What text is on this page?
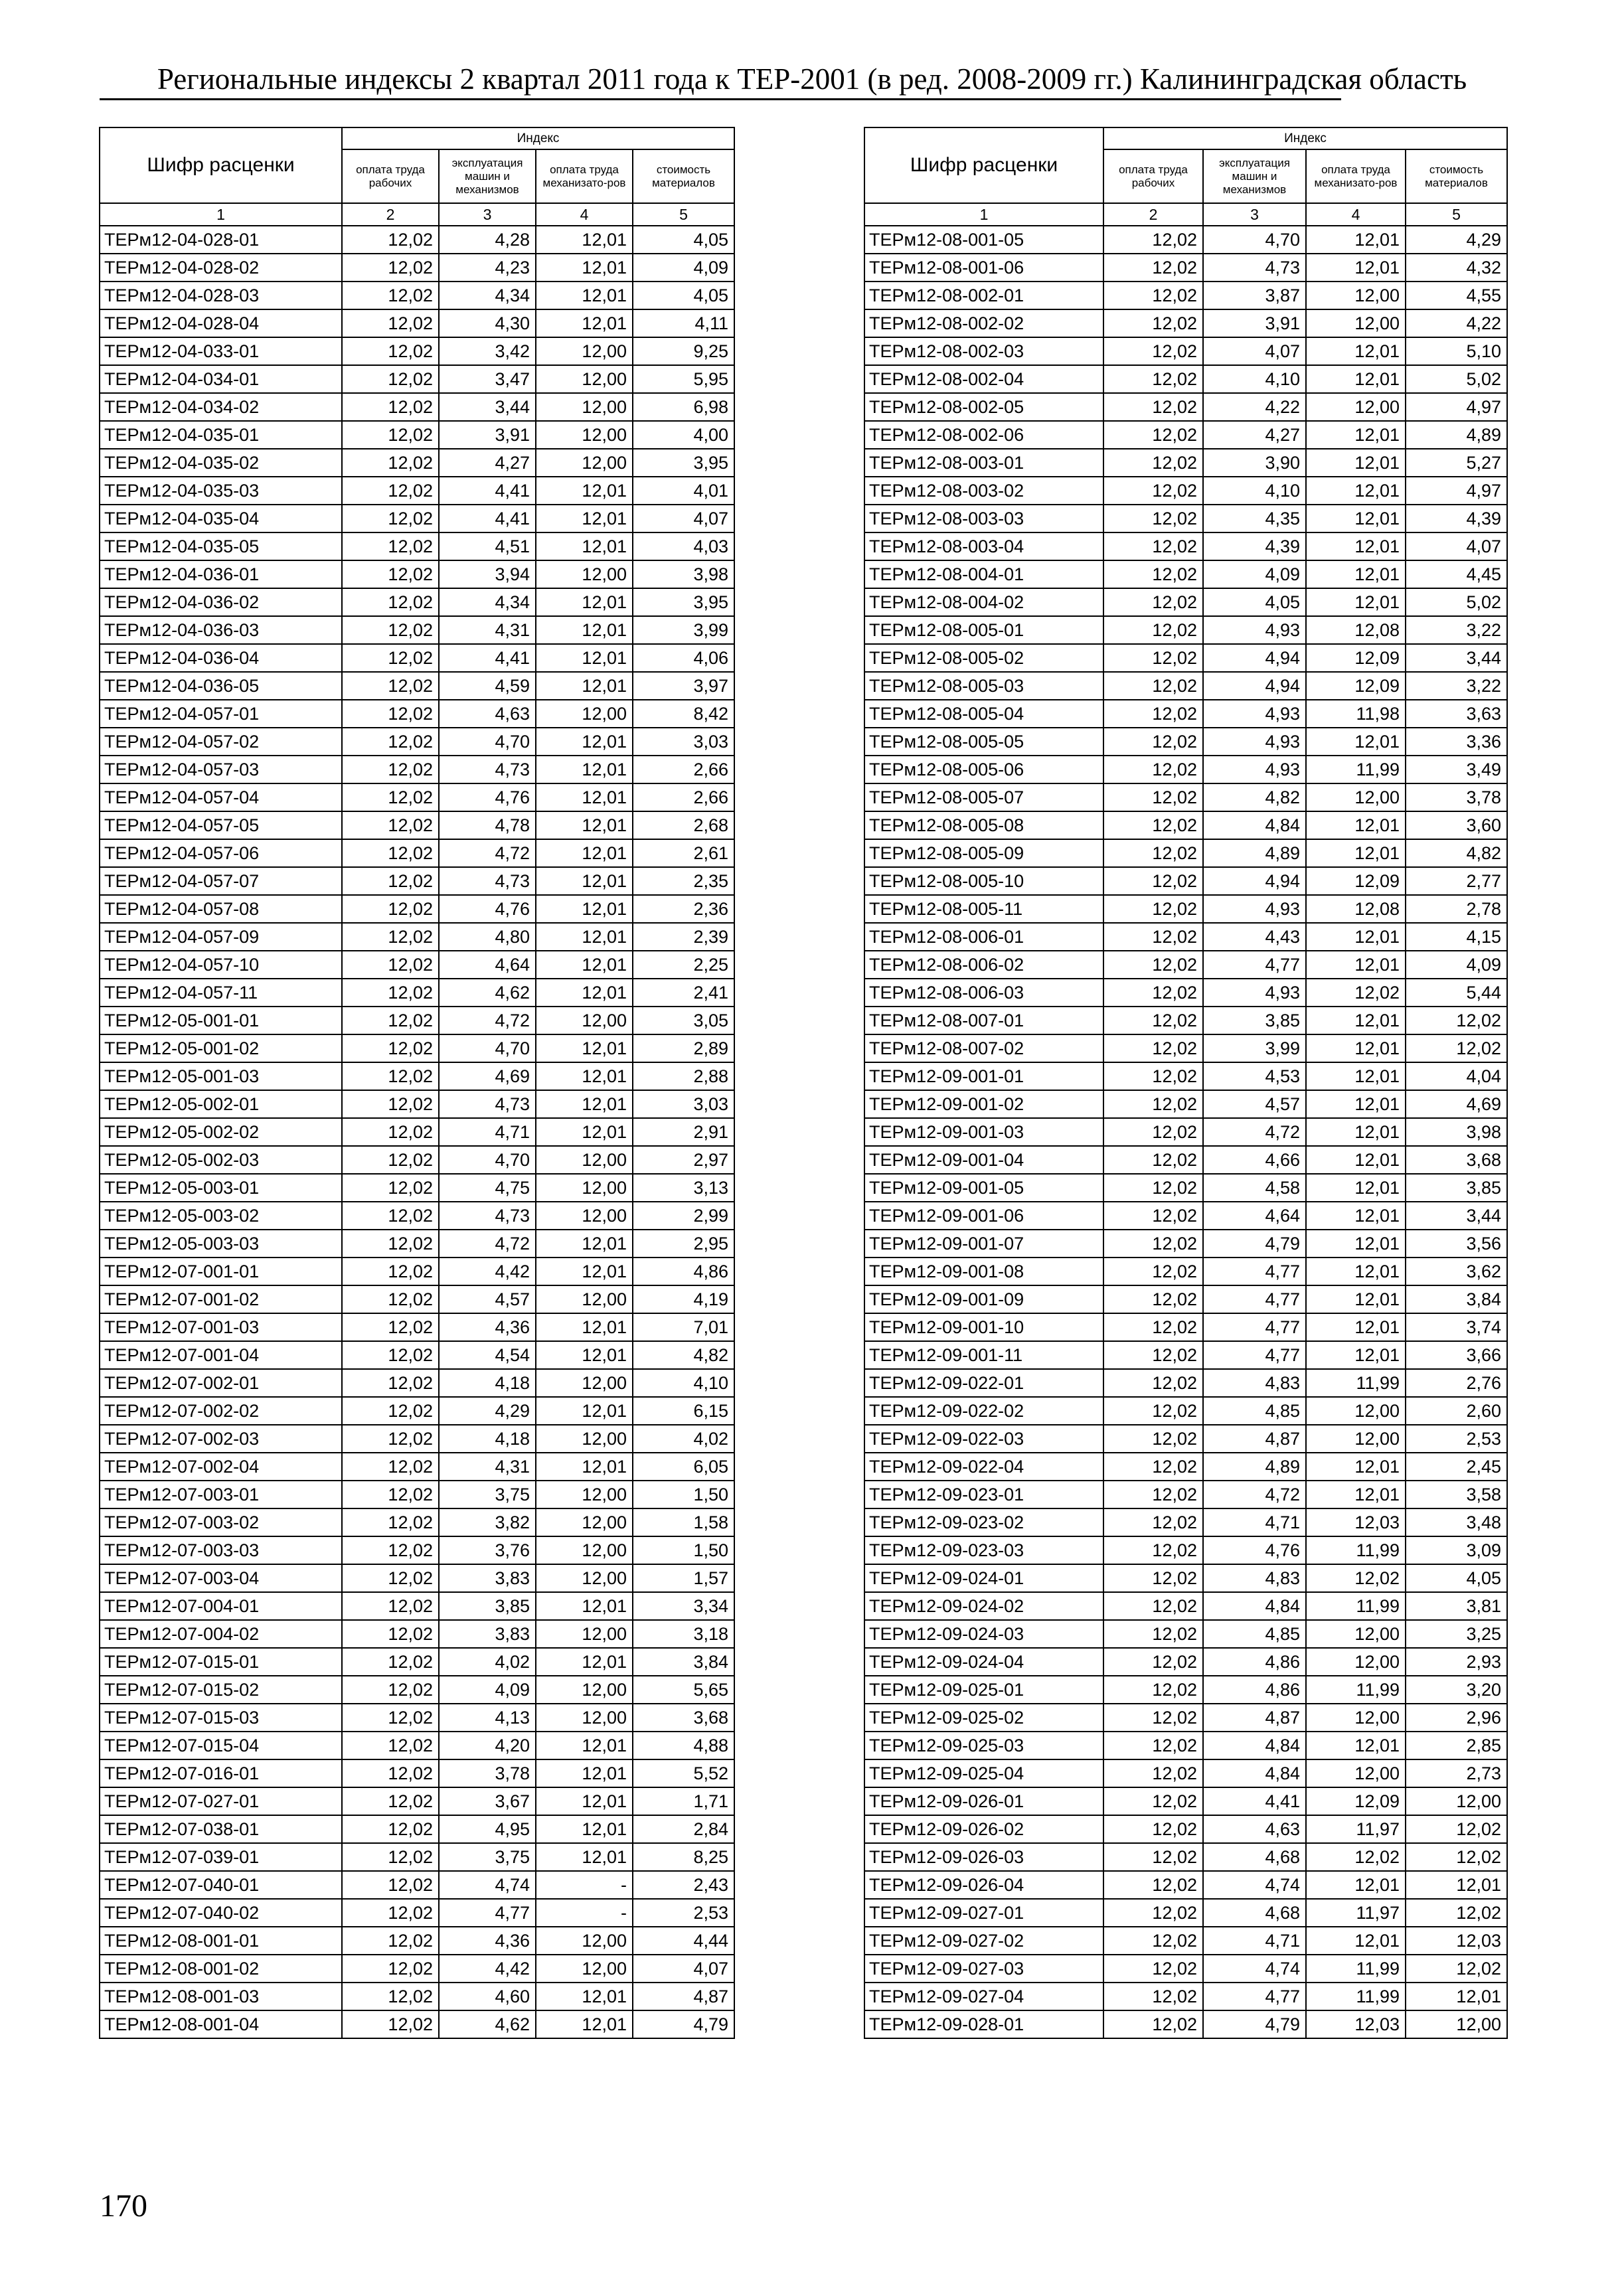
Региональные индексы 2 квартал 2011 года к ТЕР-2001 (в ред. 2008-2009 гг.) Калининградская область
Шифр расценки	Индекс			
	оплата труда рабочих	эксплуатация машин и механизмов	оплата труда механизато-ров	стоимость материалов
1	2	3	4	5
ТЕРм12-04-028-01	12,02	4,28	12,01	4,05
ТЕРм12-04-028-02	12,02	4,23	12,01	4,09
ТЕРм12-04-028-03	12,02	4,34	12,01	4,05
ТЕРм12-04-028-04	12,02	4,30	12,01	4,11
ТЕРм12-04-033-01	12,02	3,42	12,00	9,25
ТЕРм12-04-034-01	12,02	3,47	12,00	5,95
ТЕРм12-04-034-02	12,02	3,44	12,00	6,98
ТЕРм12-04-035-01	12,02	3,91	12,00	4,00
ТЕРм12-04-035-02	12,02	4,27	12,00	3,95
ТЕРм12-04-035-03	12,02	4,41	12,01	4,01
ТЕРм12-04-035-04	12,02	4,41	12,01	4,07
ТЕРм12-04-035-05	12,02	4,51	12,01	4,03
ТЕРм12-04-036-01	12,02	3,94	12,00	3,98
ТЕРм12-04-036-02	12,02	4,34	12,01	3,95
ТЕРм12-04-036-03	12,02	4,31	12,01	3,99
ТЕРм12-04-036-04	12,02	4,41	12,01	4,06
ТЕРм12-04-036-05	12,02	4,59	12,01	3,97
ТЕРм12-04-057-01	12,02	4,63	12,00	8,42
ТЕРм12-04-057-02	12,02	4,70	12,01	3,03
ТЕРм12-04-057-03	12,02	4,73	12,01	2,66
ТЕРм12-04-057-04	12,02	4,76	12,01	2,66
ТЕРм12-04-057-05	12,02	4,78	12,01	2,68
ТЕРм12-04-057-06	12,02	4,72	12,01	2,61
ТЕРм12-04-057-07	12,02	4,73	12,01	2,35
ТЕРм12-04-057-08	12,02	4,76	12,01	2,36
ТЕРм12-04-057-09	12,02	4,80	12,01	2,39
ТЕРм12-04-057-10	12,02	4,64	12,01	2,25
ТЕРм12-04-057-11	12,02	4,62	12,01	2,41
ТЕРм12-05-001-01	12,02	4,72	12,00	3,05
ТЕРм12-05-001-02	12,02	4,70	12,01	2,89
ТЕРм12-05-001-03	12,02	4,69	12,01	2,88
ТЕРм12-05-002-01	12,02	4,73	12,01	3,03
ТЕРм12-05-002-02	12,02	4,71	12,01	2,91
ТЕРм12-05-002-03	12,02	4,70	12,00	2,97
ТЕРм12-05-003-01	12,02	4,75	12,00	3,13
ТЕРм12-05-003-02	12,02	4,73	12,00	2,99
ТЕРм12-05-003-03	12,02	4,72	12,01	2,95
ТЕРм12-07-001-01	12,02	4,42	12,01	4,86
ТЕРм12-07-001-02	12,02	4,57	12,00	4,19
ТЕРм12-07-001-03	12,02	4,36	12,01	7,01
ТЕРм12-07-001-04	12,02	4,54	12,01	4,82
ТЕРм12-07-002-01	12,02	4,18	12,00	4,10
ТЕРм12-07-002-02	12,02	4,29	12,01	6,15
ТЕРм12-07-002-03	12,02	4,18	12,00	4,02
ТЕРм12-07-002-04	12,02	4,31	12,01	6,05
ТЕРм12-07-003-01	12,02	3,75	12,00	1,50
ТЕРм12-07-003-02	12,02	3,82	12,00	1,58
ТЕРм12-07-003-03	12,02	3,76	12,00	1,50
ТЕРм12-07-003-04	12,02	3,83	12,00	1,57
ТЕРм12-07-004-01	12,02	3,85	12,01	3,34
ТЕРм12-07-004-02	12,02	3,83	12,00	3,18
ТЕРм12-07-015-01	12,02	4,02	12,01	3,84
ТЕРм12-07-015-02	12,02	4,09	12,00	5,65
ТЕРм12-07-015-03	12,02	4,13	12,00	3,68
ТЕРм12-07-015-04	12,02	4,20	12,01	4,88
ТЕРм12-07-016-01	12,02	3,78	12,01	5,52
ТЕРм12-07-027-01	12,02	3,67	12,01	1,71
ТЕРм12-07-038-01	12,02	4,95	12,01	2,84
ТЕРм12-07-039-01	12,02	3,75	12,01	8,25
ТЕРм12-07-040-01	12,02	4,74	-	2,43
ТЕРм12-07-040-02	12,02	4,77	-	2,53
ТЕРм12-08-001-01	12,02	4,36	12,00	4,44
ТЕРм12-08-001-02	12,02	4,42	12,00	4,07
ТЕРм12-08-001-03	12,02	4,60	12,01	4,87
ТЕРм12-08-001-04	12,02	4,62	12,01	4,79
Шифр расценки	Индекс			
	оплата труда рабочих	эксплуатация машин и механизмов	оплата труда механизато-ров	стоимость материалов
1	2	3	4	5
ТЕРм12-08-001-05	12,02	4,70	12,01	4,29
ТЕРм12-08-001-06	12,02	4,73	12,01	4,32
ТЕРм12-08-002-01	12,02	3,87	12,00	4,55
ТЕРм12-08-002-02	12,02	3,91	12,00	4,22
ТЕРм12-08-002-03	12,02	4,07	12,01	5,10
ТЕРм12-08-002-04	12,02	4,10	12,01	5,02
ТЕРм12-08-002-05	12,02	4,22	12,00	4,97
ТЕРм12-08-002-06	12,02	4,27	12,01	4,89
ТЕРм12-08-003-01	12,02	3,90	12,01	5,27
ТЕРм12-08-003-02	12,02	4,10	12,01	4,97
ТЕРм12-08-003-03	12,02	4,35	12,01	4,39
ТЕРм12-08-003-04	12,02	4,39	12,01	4,07
ТЕРм12-08-004-01	12,02	4,09	12,01	4,45
ТЕРм12-08-004-02	12,02	4,05	12,01	5,02
ТЕРм12-08-005-01	12,02	4,93	12,08	3,22
ТЕРм12-08-005-02	12,02	4,94	12,09	3,44
ТЕРм12-08-005-03	12,02	4,94	12,09	3,22
ТЕРм12-08-005-04	12,02	4,93	11,98	3,63
ТЕРм12-08-005-05	12,02	4,93	12,01	3,36
ТЕРм12-08-005-06	12,02	4,93	11,99	3,49
ТЕРм12-08-005-07	12,02	4,82	12,00	3,78
ТЕРм12-08-005-08	12,02	4,84	12,01	3,60
ТЕРм12-08-005-09	12,02	4,89	12,01	4,82
ТЕРм12-08-005-10	12,02	4,94	12,09	2,77
ТЕРм12-08-005-11	12,02	4,93	12,08	2,78
ТЕРм12-08-006-01	12,02	4,43	12,01	4,15
ТЕРм12-08-006-02	12,02	4,77	12,01	4,09
ТЕРм12-08-006-03	12,02	4,93	12,02	5,44
ТЕРм12-08-007-01	12,02	3,85	12,01	12,02
ТЕРм12-08-007-02	12,02	3,99	12,01	12,02
ТЕРм12-09-001-01	12,02	4,53	12,01	4,04
ТЕРм12-09-001-02	12,02	4,57	12,01	4,69
ТЕРм12-09-001-03	12,02	4,72	12,01	3,98
ТЕРм12-09-001-04	12,02	4,66	12,01	3,68
ТЕРм12-09-001-05	12,02	4,58	12,01	3,85
ТЕРм12-09-001-06	12,02	4,64	12,01	3,44
ТЕРм12-09-001-07	12,02	4,79	12,01	3,56
ТЕРм12-09-001-08	12,02	4,77	12,01	3,62
ТЕРм12-09-001-09	12,02	4,77	12,01	3,84
ТЕРм12-09-001-10	12,02	4,77	12,01	3,74
ТЕРм12-09-001-11	12,02	4,77	12,01	3,66
ТЕРм12-09-022-01	12,02	4,83	11,99	2,76
ТЕРм12-09-022-02	12,02	4,85	12,00	2,60
ТЕРм12-09-022-03	12,02	4,87	12,00	2,53
ТЕРм12-09-022-04	12,02	4,89	12,01	2,45
ТЕРм12-09-023-01	12,02	4,72	12,01	3,58
ТЕРм12-09-023-02	12,02	4,71	12,03	3,48
ТЕРм12-09-023-03	12,02	4,76	11,99	3,09
ТЕРм12-09-024-01	12,02	4,83	12,02	4,05
ТЕРм12-09-024-02	12,02	4,84	11,99	3,81
ТЕРм12-09-024-03	12,02	4,85	12,00	3,25
ТЕРм12-09-024-04	12,02	4,86	12,00	2,93
ТЕРм12-09-025-01	12,02	4,86	11,99	3,20
ТЕРм12-09-025-02	12,02	4,87	12,00	2,96
ТЕРм12-09-025-03	12,02	4,84	12,01	2,85
ТЕРм12-09-025-04	12,02	4,84	12,00	2,73
ТЕРм12-09-026-01	12,02	4,41	12,09	12,00
ТЕРм12-09-026-02	12,02	4,63	11,97	12,02
ТЕРм12-09-026-03	12,02	4,68	12,02	12,02
ТЕРм12-09-026-04	12,02	4,74	12,01	12,01
ТЕРм12-09-027-01	12,02	4,68	11,97	12,02
ТЕРм12-09-027-02	12,02	4,71	12,01	12,03
ТЕРм12-09-027-03	12,02	4,74	11,99	12,02
ТЕРм12-09-027-04	12,02	4,77	11,99	12,01
ТЕРм12-09-028-01	12,02	4,79	12,03	12,00
170
